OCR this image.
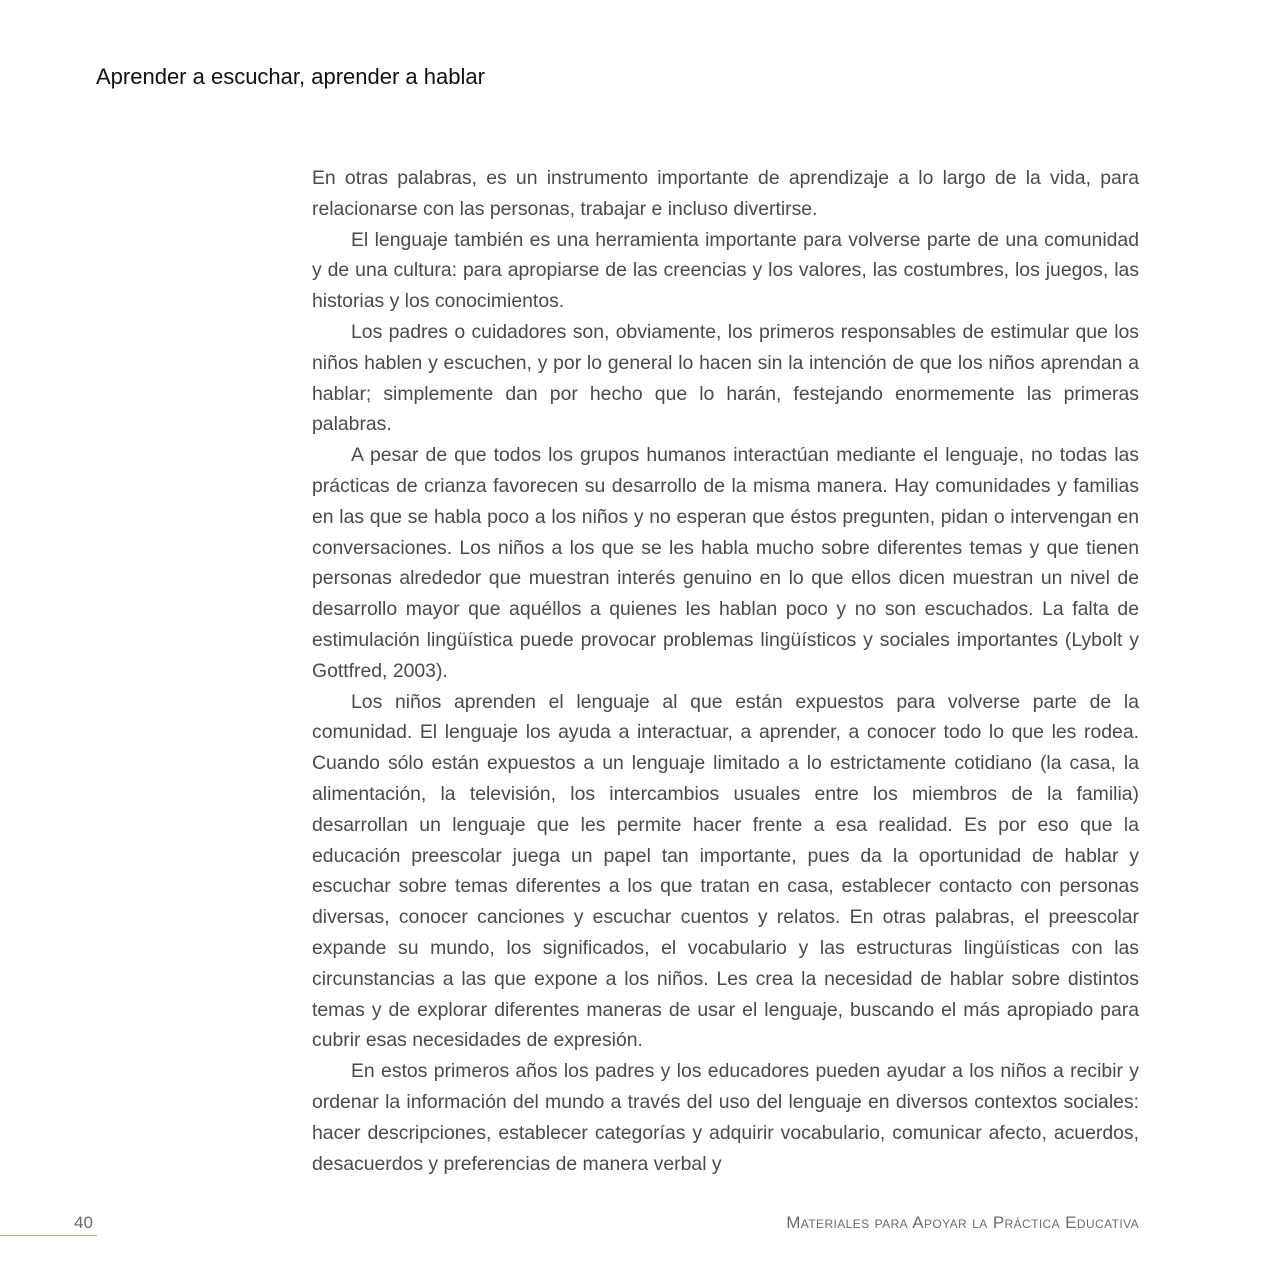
Aprender a escuchar, aprender a hablar

En otras palabras, es un instrumento importante de aprendizaje a lo largo de la vida, para relacionarse con las personas, trabajar e incluso divertirse.

El lenguaje también es una herramienta importante para volverse parte de una comunidad y de una cultura: para apropiarse de las creencias y los valores, las costumbres, los juegos, las historias y los conocimientos.

Los padres o cuidadores son, obviamente, los primeros responsables de estimular que los niños hablen y escuchen, y por lo general lo hacen sin la intención de que los niños aprendan a hablar; simplemente dan por hecho que lo harán, festejando enormemente las primeras palabras.

A pesar de que todos los grupos humanos interactúan mediante el lenguaje, no todas las prácticas de crianza favorecen su desarrollo de la misma manera. Hay comunidades y familias en las que se habla poco a los niños y no esperan que éstos pregunten, pidan o intervengan en conversaciones. Los niños a los que se les habla mucho sobre diferentes temas y que tienen personas alrededor que muestran interés genuino en lo que ellos dicen muestran un nivel de desarrollo mayor que aquéllos a quienes les hablan poco y no son escuchados. La falta de estimulación lingüística puede provocar problemas lingüísticos y sociales importantes (Lybolt y Gottfred, 2003).

Los niños aprenden el lenguaje al que están expuestos para volverse parte de la comunidad. El lenguaje los ayuda a interactuar, a aprender, a conocer todo lo que les rodea. Cuando sólo están expuestos a un lenguaje limitado a lo estrictamente cotidiano (la casa, la alimentación, la televisión, los intercambios usuales entre los miembros de la familia) desarrollan un lenguaje que les permite hacer frente a esa realidad. Es por eso que la educación preescolar juega un papel tan importante, pues da la oportunidad de hablar y escuchar sobre temas diferentes a los que tratan en casa, establecer contacto con personas diversas, conocer canciones y escuchar cuentos y relatos. En otras palabras, el preescolar expande su mundo, los significados, el vocabulario y las estructuras lingüísticas con las circunstancias a las que expone a los niños. Les crea la necesidad de hablar sobre distintos temas y de explorar diferentes maneras de usar el lenguaje, buscando el más apropiado para cubrir esas necesidades de expresión.

En estos primeros años los padres y los educadores pueden ayudar a los niños a recibir y ordenar la información del mundo a través del uso del lenguaje en diversos contextos sociales: hacer descripciones, establecer categorías y adquirir vocabulario, comunicar afecto, acuerdos, desacuerdos y preferencias de manera verbal y

40	Materiales para Apoyar la Práctica Educativa
